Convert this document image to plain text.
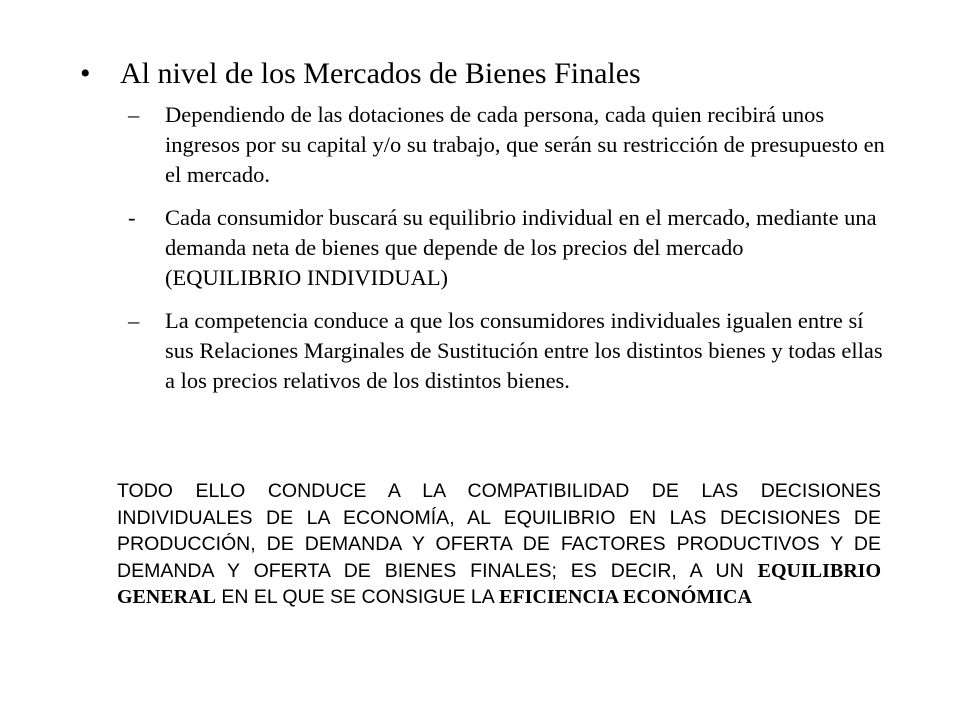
• Al nivel de los Mercados de Bienes Finales
–	Dependiendo de las dotaciones de cada persona, cada quien recibirá unos ingresos por su capital y/o su trabajo, que serán su restricción de presupuesto en el mercado.
-	Cada consumidor buscará su equilibrio individual en el mercado, mediante una demanda neta de bienes que depende de los precios del mercado (EQUILIBRIO INDIVIDUAL)
–	La competencia conduce a que los consumidores individuales igualen entre sí sus Relaciones Marginales de Sustitución entre los distintos bienes y todas ellas a los precios relativos de los distintos bienes.
TODO ELLO CONDUCE A LA COMPATIBILIDAD DE LAS DECISIONES INDIVIDUALES DE LA ECONOMÍA, AL EQUILIBRIO EN LAS DECISIONES DE PRODUCCIÓN, DE DEMANDA Y OFERTA DE FACTORES PRODUCTIVOS Y DE DEMANDA Y OFERTA DE BIENES FINALES; ES DECIR, A UN EQUILIBRIO GENERAL EN EL QUE SE CONSIGUE LA EFICIENCIA ECONÓMICA
